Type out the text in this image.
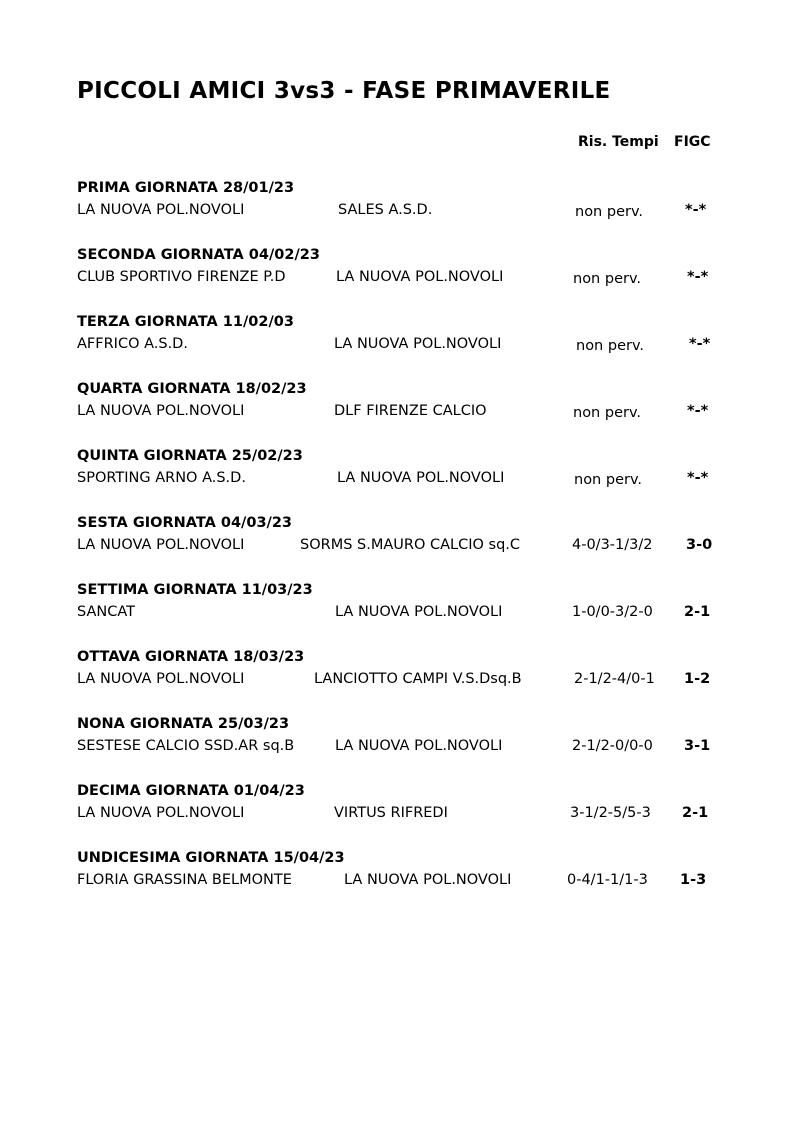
PICCOLI AMICI 3vs3 - FASE PRIMAVERILE
Ris. Tempi FIGC
PRIMA GIORNATA 28/01/23
LA NUOVA POL.NOVOLI	SALES A.S.D.	non perv.	*-*
SECONDA GIORNATA 04/02/23
CLUB SPORTIVO FIRENZE P.D	LA NUOVA POL.NOVOLI	non perv.	*-*
TERZA GIORNATA 11/02/03
AFFRICO A.S.D.	LA NUOVA POL.NOVOLI	non perv.	*-*
QUARTA GIORNATA 18/02/23
LA NUOVA POL.NOVOLI	DLF FIRENZE CALCIO	non perv.	*-*
QUINTA GIORNATA 25/02/23
SPORTING ARNO A.S.D.	LA NUOVA POL.NOVOLI	non perv.	*-*
SESTA GIORNATA 04/03/23
LA NUOVA POL.NOVOLI	SORMS S.MAURO CALCIO sq.C	4-0/3-1/3/2 3-0
SETTIMA GIORNATA 11/03/23
SANCAT	LA NUOVA POL.NOVOLI	1-0/0-3/2-0 2-1
OTTAVA GIORNATA 18/03/23
LA NUOVA POL.NOVOLI	LANCIOTTO CAMPI V.S.Dsq.B	2-1/2-4/0-1 1-2
NONA GIORNATA 25/03/23
SESTESE CALCIO SSD.AR sq.B	LA NUOVA POL.NOVOLI	2-1/2-0/0-0 3-1
DECIMA GIORNATA 01/04/23
LA NUOVA POL.NOVOLI	VIRTUS RIFREDI	3-1/2-5/5-3 2-1
UNDICESIMA GIORNATA 15/04/23
FLORIA GRASSINA BELMONTE	LA NUOVA POL.NOVOLI	0-4/1-1/1-3 1-3
